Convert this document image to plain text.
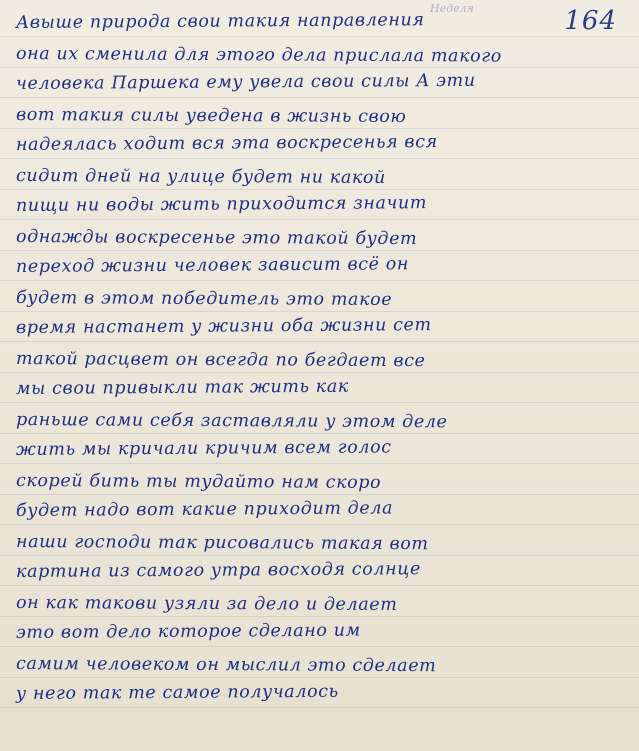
Неделя	164
Авыше природа свои такия направления
она их сменила для этого дела прислала такого
человека Паршека ему увела свои силы А эти
вот такия силы уведена в жизнь свою
надеялась ходит вся эта воскресенья вся
сидит дней на улице будет ни какой
пищи ни воды жить приходится значит
однажды воскресенье это такой будет
переход жизни человек зависит всё он
будет в этом победитель это такое
время настанет у жизни оба жизни сет
такой расцвет он всегда по бегдает все
мы свои привыкли так жить как
раньше сами себя заставляли у этом деле
жить мы кричали кричим всем голос
скорей бить ты тудайто нам скоро
будет надо вот какие приходит дела
наши господи так рисовались такая вот
картина из самого утра восходя солнце
он как такови узяли за дело и делает
это вот дело которое сделано им
самим человеком он мыслил это сделает
у него так те самое получалось
